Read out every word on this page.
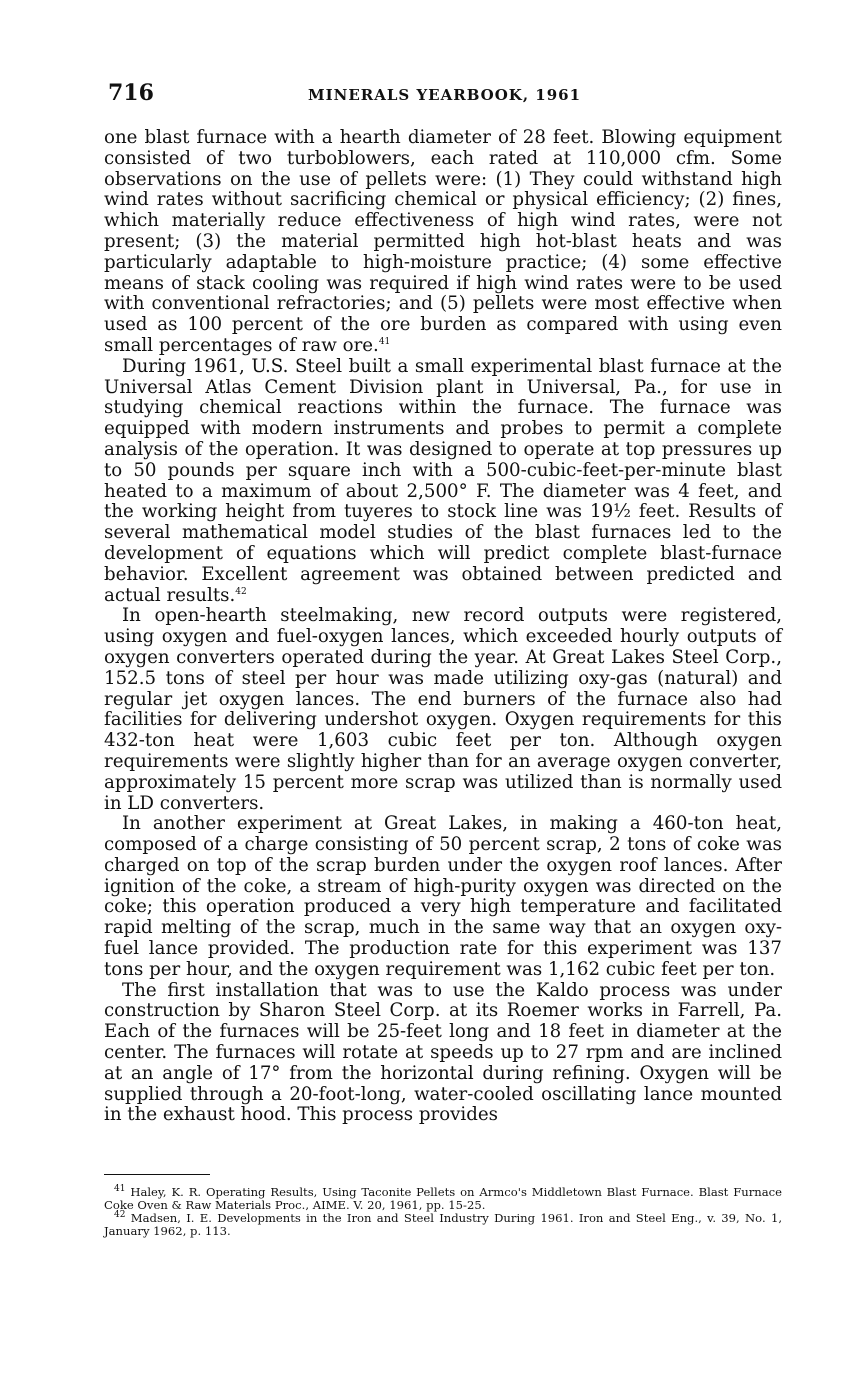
716	MINERALS YEARBOOK, 1961

one blast furnace with a hearth diameter of 28 feet. Blowing equipment consisted of two turboblowers, each rated at 110,000 cfm. Some observations on the use of pellets were: (1) They could withstand high wind rates without sacrificing chemical or physical efficiency; (2) fines, which materially reduce effectiveness of high wind rates, were not present; (3) the material permitted high hot-blast heats and was particularly adaptable to high-moisture practice; (4) some effective means of stack cooling was required if high wind rates were to be used with conventional refractories; and (5) pellets were most effective when used as 100 percent of the ore burden as compared with using even small percentages of raw ore.$^{41}$

During 1961, U.S. Steel built a small experimental blast furnace at the Universal Atlas Cement Division plant in Universal, Pa., for use in studying chemical reactions within the furnace. The furnace was equipped with modern instruments and probes to permit a complete analysis of the operation. It was designed to operate at top pressures up to 50 pounds per square inch with a 500-cubic-feet-per-minute blast heated to a maximum of about 2,500° F. The diameter was 4 feet, and the working height from tuyeres to stock line was 19½ feet. Results of several mathematical model studies of the blast furnaces led to the development of equations which will predict complete blast-furnace behavior. Excellent agreement was obtained between predicted and actual results.$^{42}$

In open-hearth steelmaking, new record outputs were registered, using oxygen and fuel-oxygen lances, which exceeded hourly outputs of oxygen converters operated during the year. At Great Lakes Steel Corp., 152.5 tons of steel per hour was made utilizing oxy-gas (natural) and regular jet oxygen lances. The end burners of the furnace also had facilities for delivering undershot oxygen. Oxygen requirements for this 432-ton heat were 1,603 cubic feet per ton. Although oxygen requirements were slightly higher than for an average oxygen converter, approximately 15 percent more scrap was utilized than is normally used in LD converters.

In another experiment at Great Lakes, in making a 460-ton heat, composed of a charge consisting of 50 percent scrap, 2 tons of coke was charged on top of the scrap burden under the oxygen roof lances. After ignition of the coke, a stream of high-purity oxygen was directed on the coke; this operation produced a very high temperature and facilitated rapid melting of the scrap, much in the same way that an oxygen oxy-fuel lance provided. The production rate for this experiment was 137 tons per hour, and the oxygen requirement was 1,162 cubic feet per ton.

The first installation that was to use the Kaldo process was under construction by Sharon Steel Corp. at its Roemer works in Farrell, Pa. Each of the furnaces will be 25-feet long and 18 feet in diameter at the center. The furnaces will rotate at speeds up to 27 rpm and are inclined at an angle of 17° from the horizontal during refining. Oxygen will be supplied through a 20-foot-long, water-cooled oscillating lance mounted in the exhaust hood. This process provides

$^{41}$ Haley, K. R. Operating Results, Using Taconite Pellets on Armco's Middletown Blast Furnace. Blast Furnace Coke Oven & Raw Materials Proc., AIME. V. 20, 1961, pp. 15-25.

$^{42}$ Madsen, I. E. Developments in the Iron and Steel Industry During 1961. Iron and Steel Eng., v. 39, No. 1, January 1962, p. 113.
